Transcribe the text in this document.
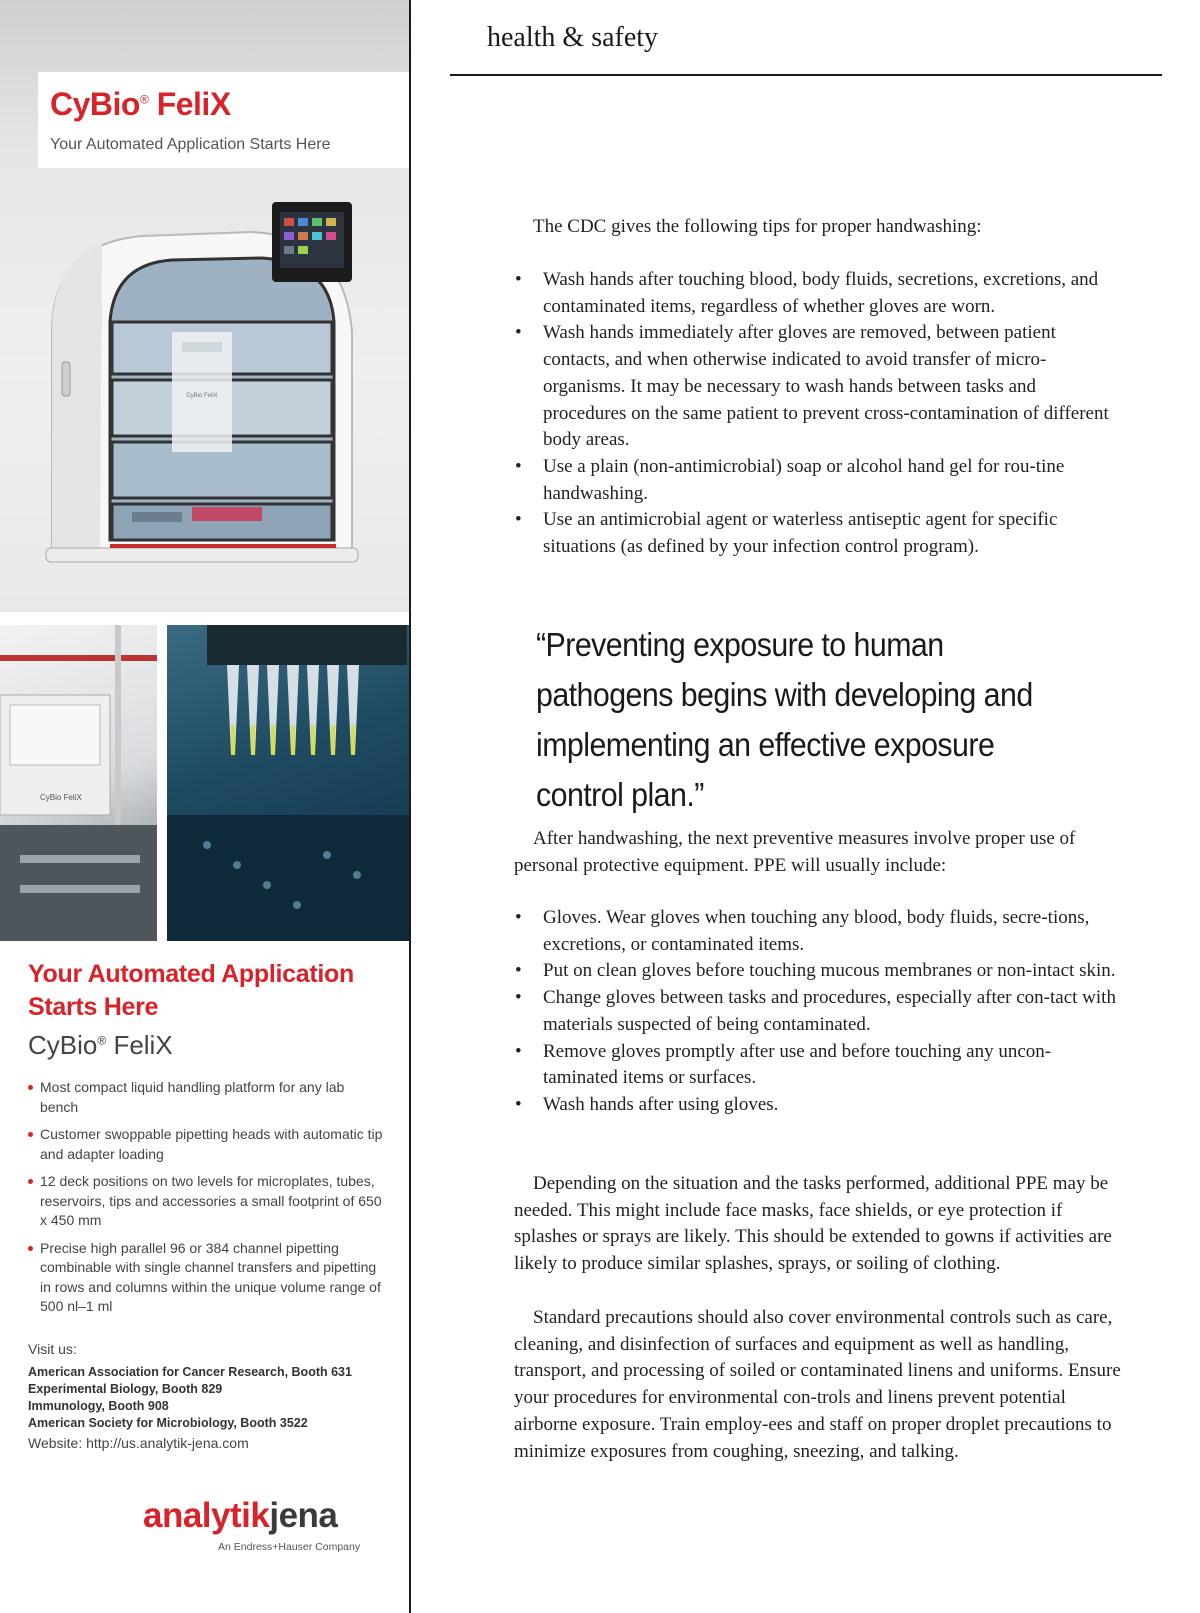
CyBio® FeliX
Your Automated Application Starts Here
CyBio FeliX
CyBio FeliX
Your Automated Application
Starts Here
CyBio® FeliX
Most compact liquid handling platform for any lab bench
Customer swoppable pipetting heads with automatic tip and adapter loading
12 deck positions on two levels for microplates, tubes, reservoirs, tips and accessories a small footprint of 650 x 450 mm
Precise high parallel 96 or 384 channel pipetting combinable with single channel transfers and pipetting in rows and columns within the unique volume range of 500 nl–1 ml
Visit us:
American Association for Cancer Research, Booth 631
Experimental Biology, Booth 829
Immunology, Booth 908
American Society for Microbiology, Booth 3522
Website: http://us.analytik-jena.com
analytikjena
An Endress+Hauser Company
health & safety

The CDC gives the following tips for proper handwashing:

• Wash hands after touching blood, body fluids, secretions, excretions, and contaminated items, regardless of whether gloves are worn.
• Wash hands immediately after gloves are removed, between patient contacts, and when otherwise indicated to avoid transfer of micro-organisms. It may be necessary to wash hands between tasks and procedures on the same patient to prevent cross-contamination of different body areas.
• Use a plain (non-antimicrobial) soap or alcohol hand gel for rou-tine handwashing.
• Use an antimicrobial agent or waterless antiseptic agent for specific situations (as defined by your infection control program).

“Preventing exposure to human pathogens begins with developing and implementing an effective exposure control plan.”

After handwashing, the next preventive measures involve proper use of personal protective equipment. PPE will usually include:

• Gloves. Wear gloves when touching any blood, body fluids, secre-tions, excretions, or contaminated items.
• Put on clean gloves before touching mucous membranes or non-intact skin.
• Change gloves between tasks and procedures, especially after con-tact with materials suspected of being contaminated.
• Remove gloves promptly after use and before touching any uncon-taminated items or surfaces.
• Wash hands after using gloves.

Depending on the situation and the tasks performed, additional PPE may be needed. This might include face masks, face shields, or eye protection if splashes or sprays are likely. This should be extended to gowns if activities are likely to produce similar splashes, sprays, or soiling of clothing.

Standard precautions should also cover environmental controls such as care, cleaning, and disinfection of surfaces and equipment as well as handling, transport, and processing of soiled or contaminated linens and uniforms. Ensure your procedures for environmental con-trols and linens prevent potential airborne exposure. Train employ-ees and staff on proper droplet precautions to minimize exposures from coughing, sneezing, and talking.
